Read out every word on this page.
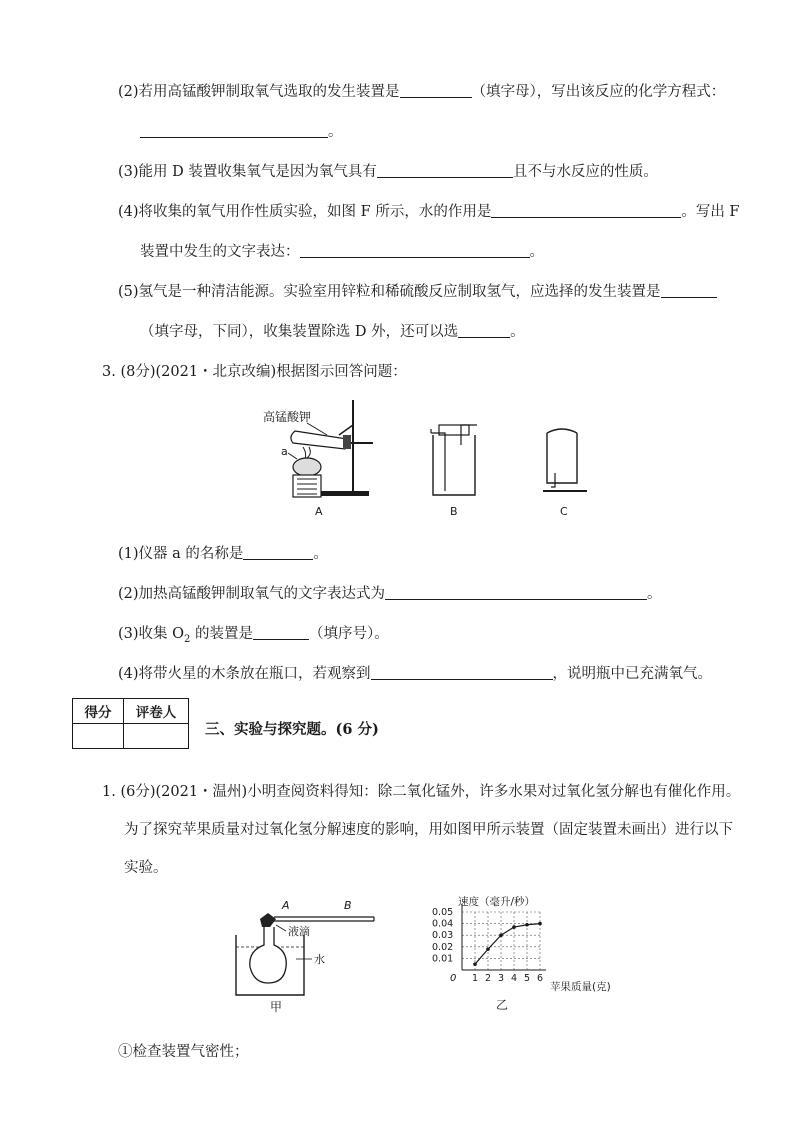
(2)若用高锰酸钾制取氧气选取的发生装置是	（填字母），写出该反应的化学方程式：
。
(3)能用 D 装置收集氧气是因为氧气具有	且不与水反应的性质。
(4)将收集的氧气用作性质实验，如图 F 所示，水的作用是	。写出 F
装置中发生的文字表达：	。
(5)氢气是一种清洁能源。实验室用锌粒和稀硫酸反应制取氢气，应选择的发生装置是
（填字母，下同），收集装置除选 D 外，还可以选	。
3. (8分)(2021・北京改编)根据图示回答问题：
高锰酸钾
a
A	B	C
(1)仪器 a 的名称是	。
(2)加热高锰酸钾制取氧气的文字表达式为	。
(3)收集 $O_2$ 的装置是	（填序号）。
(4)将带火星的木条放在瓶口，若观察到	，说明瓶中已充满氧气。
得分	评卷人

三、实验与探究题。(6 分)
1. (6分)(2021・温州)小明查阅资料得知：除二氧化锰外，许多水果对过氧化氢分解也有催化作用。
为了探究苹果质量对过氧化氢分解速度的影响，用如图甲所示装置（固定装置未画出）进行以下
实验。
A	B
液滴
水
甲
速度（毫升/秒）
0.01
0.02
0.03
0.04
0.05
1 2 3 4 5 6
0
苹果质量(克)
乙
①检查装置气密性；
